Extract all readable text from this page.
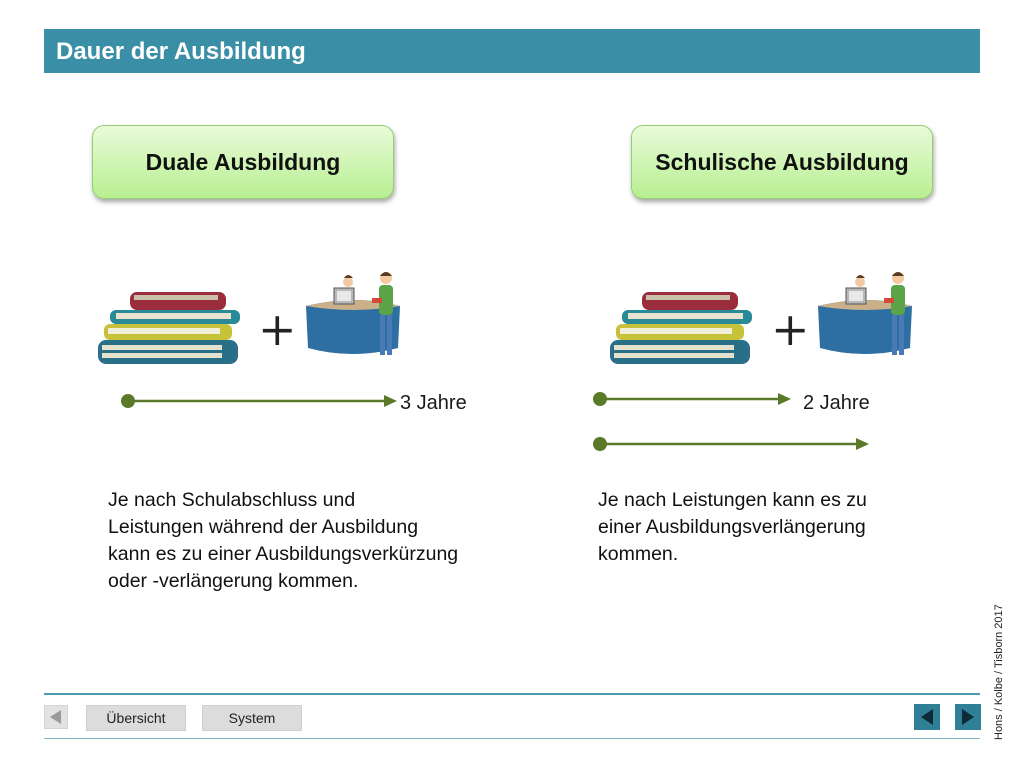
Dauer der Ausbildung
Duale Ausbildung	Schulische Ausbildung
+	+
3 Jahre	2 Jahre
Je nach Schulabschluss und
Leistungen während der Ausbildung
kann es zu einer Ausbildungsverkürzung
oder -verlängerung kommen.
Je nach Leistungen kann es zu
einer Ausbildungsverlängerung
kommen.
Hons / Kolbe / Tisborn 2017
Übersicht	System
